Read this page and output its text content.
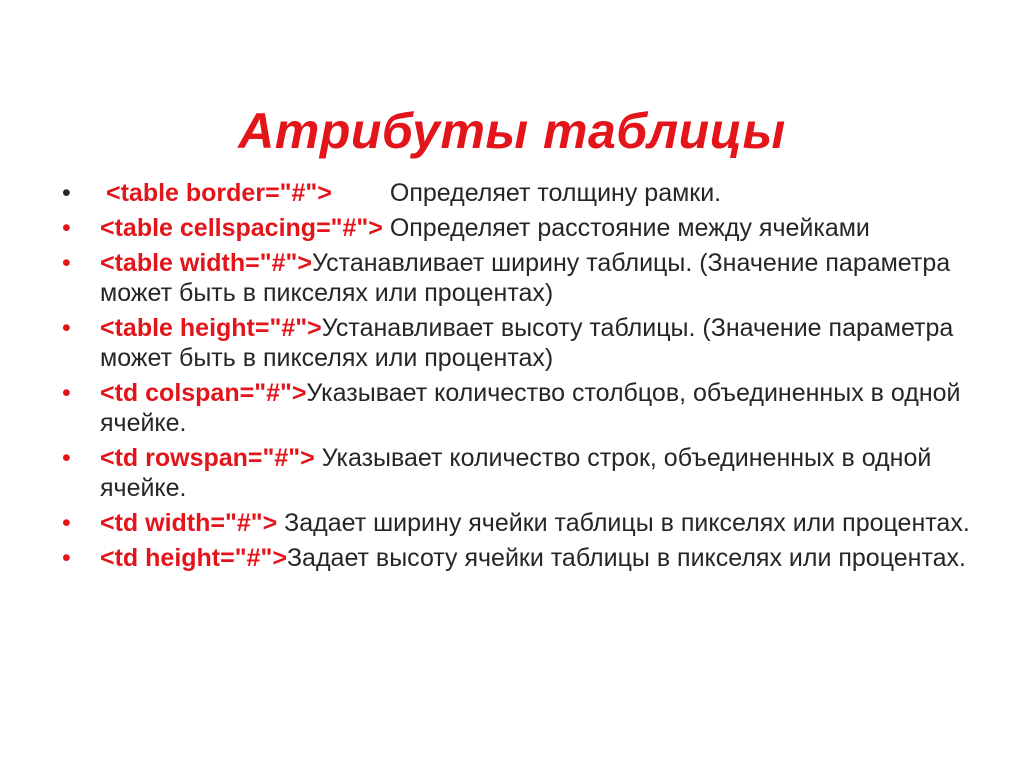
Атрибуты таблицы
•	<table border="#"> Определяет толщину рамки.
•	<table cellspacing="#"> Определяет расстояние между ячейками
•	<table width="#">Устанавливает ширину таблицы. (Значение параметра может быть в пикселях или процентах)
•	<table height="#">Устанавливает высоту таблицы. (Значение параметра может быть в пикселях или процентах)
•	<td colspan="#">Указывает количество столбцов, объединенных в одной ячейке.
•	<td rowspan="#"> Указывает количество строк, объединенных в одной ячейке.
•	<td width="#"> Задает ширину ячейки таблицы в пикселях или процентах.
•	<td height="#">Задает высоту ячейки таблицы в пикселях или процентах.
